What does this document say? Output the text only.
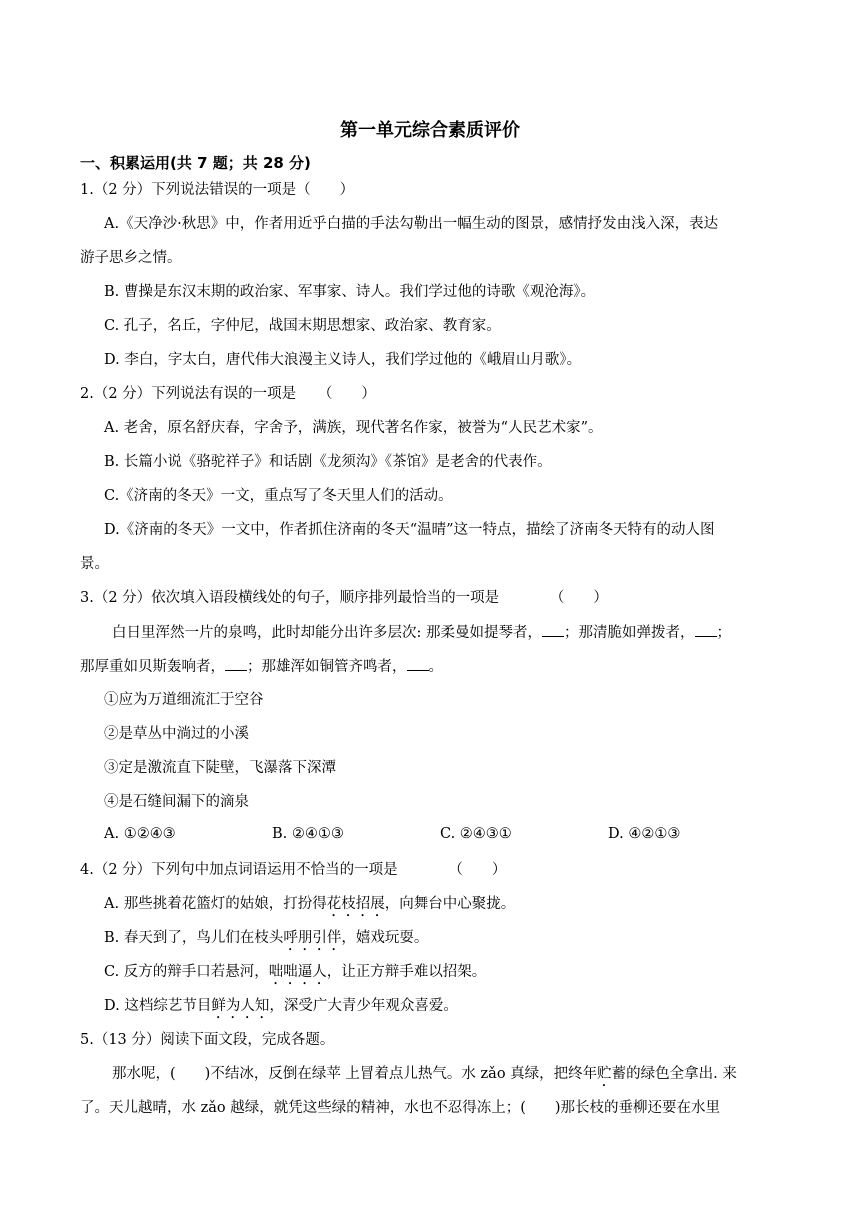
第一单元综合素质评价
一、积累运用(共 7 题；共 28 分)
1.（2 分）下列说法错误的一项是（　　）
A.《天净沙·秋思》中，作者用近乎白描的手法勾勒出一幅生动的图景，感情抒发由浅入深，表达
游子思乡之情。
B. 曹操是东汉末期的政治家、军事家、诗人。我们学过他的诗歌《观沧海》。
C. 孔子，名丘，字仲尼，战国末期思想家、政治家、教育家。
D. 李白，字太白，唐代伟大浪漫主义诗人，我们学过他的《峨眉山月歌》。
2.（2 分）下列说法有误的一项是　　（　　）
A. 老舍，原名舒庆春，字舍予，满族，现代著名作家，被誉为“人民艺术家”。
B. 长篇小说《骆驼祥子》和话剧《龙须沟》《茶馆》是老舍的代表作。
C.《济南的冬天》一文，重点写了冬天里人们的活动。
D.《济南的冬天》一文中，作者抓住济南的冬天“温晴”这一特点，描绘了济南冬天特有的动人图
景。
3.（2 分）依次填入语段横线处的句子，顺序排列最恰当的一项是　　　　（　　）
白日里浑然一片的泉鸣，此时却能分出许多层次: 那柔曼如提琴者， ；那清脆如弹拨者， ；
那厚重如贝斯轰响者， ；那雄浑如铜管齐鸣者， 。
①应为万道细流汇于空谷
②是草丛中淌过的小溪
③定是激流直下陡壁，飞瀑落下深潭
④是石缝间漏下的滴泉
A. ①②④③	B. ②④①③	C. ②④③①	D. ④②①③
4.（2 分）下列句中加点词语运用不恰当的一项是　　　　（　　）
A. 那些挑着花篮灯的姑娘，打扮得花枝招展，向舞台中心聚拢。
B. 春天到了，鸟儿们在枝头呼朋引伴，嬉戏玩耍。
C. 反方的辩手口若悬河，咄咄逼人，让正方辩手难以招架。
D. 这档综艺节目鲜为人知，深受广大青少年观众喜爱。
5.（13 分）阅读下面文段，完成各题。
那水呢，(　　)不结冰，反倒在绿苹 上冒着点儿热气。水 zǎo 真绿，把终年贮蓄的绿色全拿出. 来
了。天儿越晴，水 zǎo 越绿，就凭这些绿的精神，水也不忍得冻上；(　　)那长枝的垂柳还要在水里
